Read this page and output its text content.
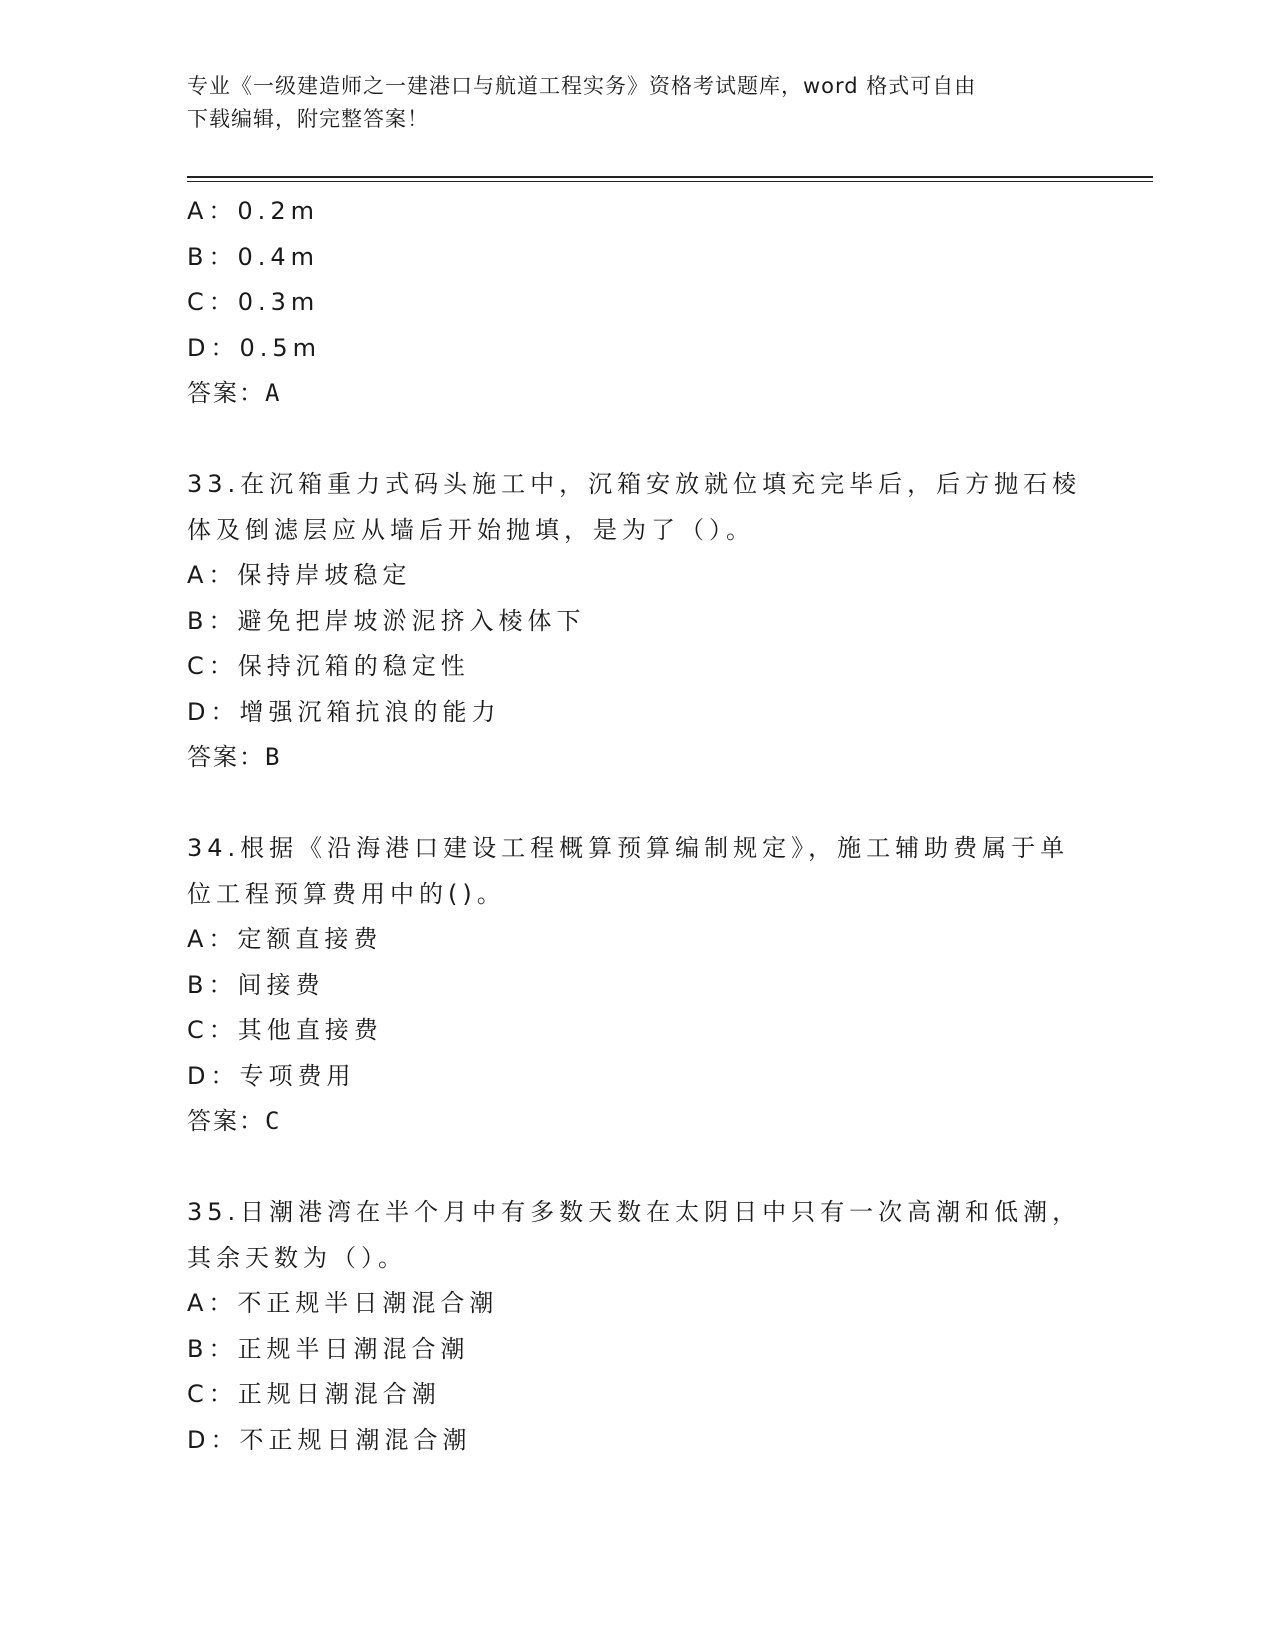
专业《一级建造师之一建港口与航道工程实务》资格考试题库，word 格式可自由
下载编辑，附完整答案！
A：0.2m
B：0.4m
C：0.3m
D：0.5m
答案：A
33.在沉箱重力式码头施工中，沉箱安放就位填充完毕后，后方抛石棱
体及倒滤层应从墙后开始抛填，是为了（）。
A：保持岸坡稳定
B：避免把岸坡淤泥挤入棱体下
C：保持沉箱的稳定性
D：增强沉箱抗浪的能力
答案：B
34.根据《沿海港口建设工程概算预算编制规定》，施工辅助费属于单
位工程预算费用中的()。
A：定额直接费
B：间接费
C：其他直接费
D：专项费用
答案：C
35.日潮港湾在半个月中有多数天数在太阴日中只有一次高潮和低潮，
其余天数为（）。
A：不正规半日潮混合潮
B：正规半日潮混合潮
C：正规日潮混合潮
D：不正规日潮混合潮
